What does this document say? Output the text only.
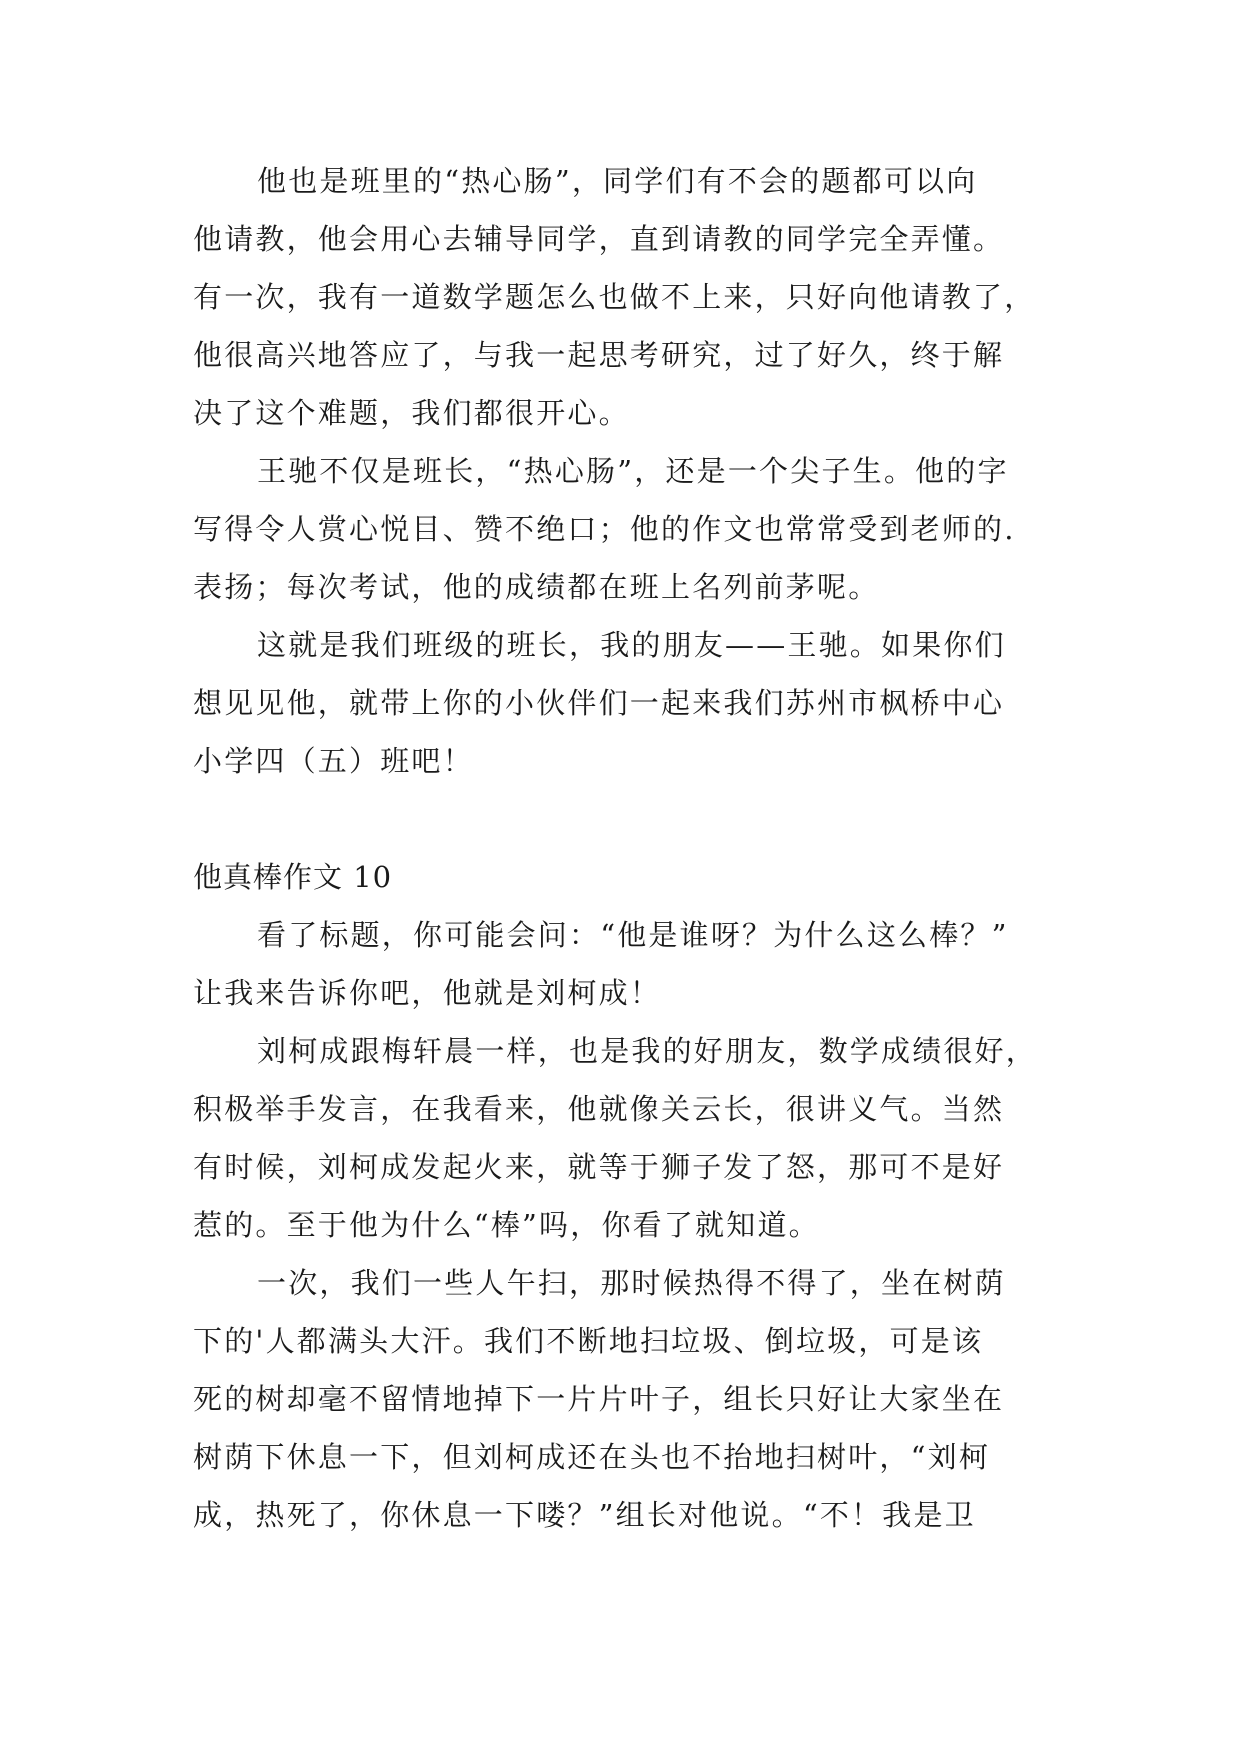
他也是班里的“热心肠”，同学们有不会的题都可以向
他请教，他会用心去辅导同学，直到请教的同学完全弄懂。
有一次，我有一道数学题怎么也做不上来，只好向他请教了，
他很高兴地答应了，与我一起思考研究，过了好久，终于解
决了这个难题，我们都很开心。
王驰不仅是班长，“热心肠”，还是一个尖子生。他的字
写得令人赏心悦目、赞不绝口；他的作文也常常受到老师的.
表扬；每次考试，他的成绩都在班上名列前茅呢。
这就是我们班级的班长，我的朋友——王驰。如果你们
想见见他，就带上你的小伙伴们一起来我们苏州市枫桥中心
小学四（五）班吧！
他真棒作文 10
看了标题，你可能会问：“他是谁呀？为什么这么棒？”
让我来告诉你吧，他就是刘柯成！
刘柯成跟梅轩晨一样，也是我的好朋友，数学成绩很好，
积极举手发言，在我看来，他就像关云长，很讲义气。当然
有时候，刘柯成发起火来，就等于狮子发了怒，那可不是好
惹的。至于他为什么“棒”吗，你看了就知道。
一次，我们一些人午扫，那时候热得不得了，坐在树荫
下的'人都满头大汗。我们不断地扫垃圾、倒垃圾，可是该
死的树却毫不留情地掉下一片片叶子，组长只好让大家坐在
树荫下休息一下，但刘柯成还在头也不抬地扫树叶，“刘柯
成，热死了，你休息一下喽？”组长对他说。“不！我是卫
